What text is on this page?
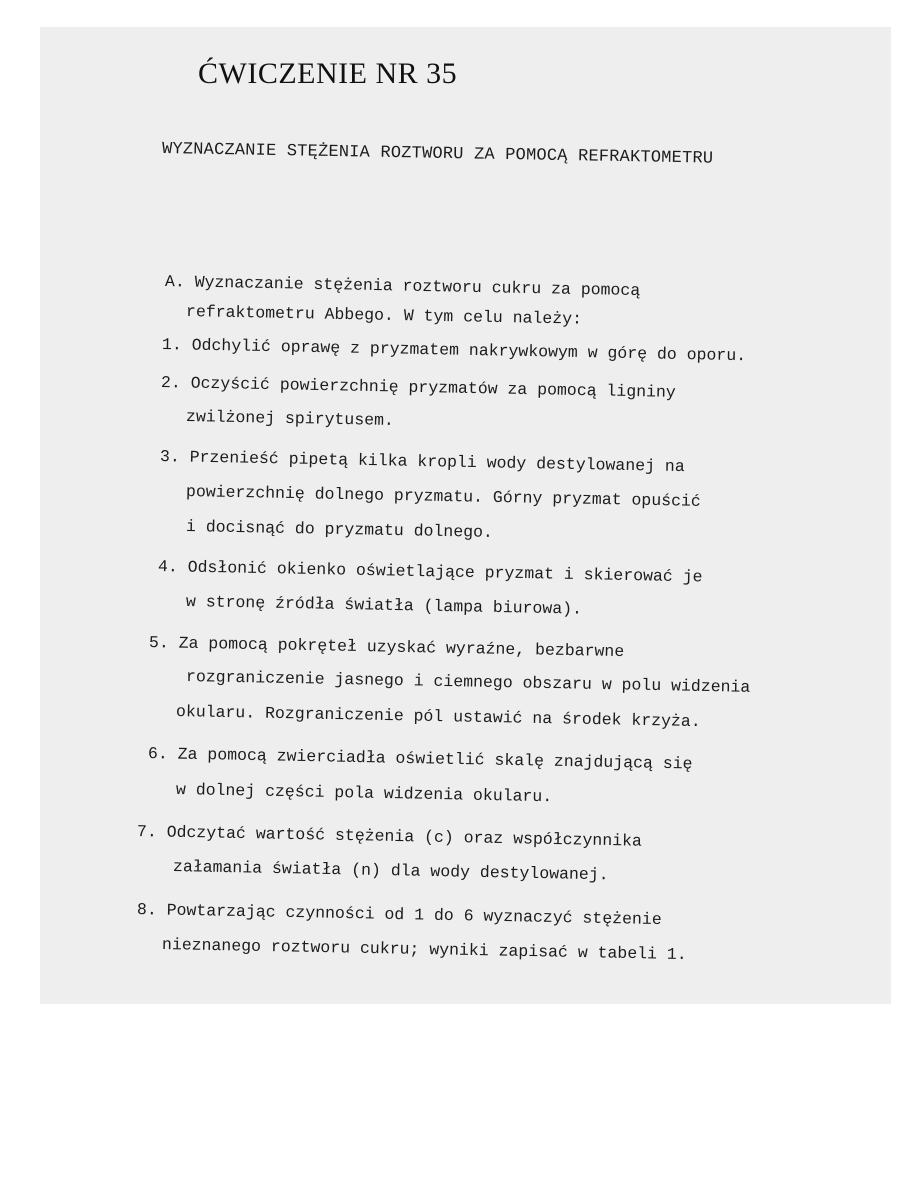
ĆWICZENIE NR 35
WYZNACZANIE STĘŻENIA ROZTWORU ZA POMOCĄ REFRAKTOMETRU
A. Wyznaczanie stężenia roztworu cukru za pomocą
refraktometru Abbego. W tym celu należy:
1. Odchylić oprawę z pryzmatem nakrywkowym w górę do oporu.
2. Oczyścić powierzchnię pryzmatów za pomocą ligniny
zwilżonej spirytusem.
3. Przenieść pipetą kilka kropli wody destylowanej na
powierzchnię dolnego pryzmatu. Górny pryzmat opuścić
i docisnąć do pryzmatu dolnego.
4. Odsłonić okienko oświetlające pryzmat i skierować je
w stronę źródła światła (lampa biurowa).
5. Za pomocą pokręteł uzyskać wyraźne, bezbarwne
rozgraniczenie jasnego i ciemnego obszaru w polu widzenia
okularu. Rozgraniczenie pól ustawić na środek krzyża.
6. Za pomocą zwierciadła oświetlić skalę znajdującą się
w dolnej części pola widzenia okularu.
7. Odczytać wartość stężenia (c) oraz współczynnika
załamania światła (n) dla wody destylowanej.
8. Powtarzając czynności od 1 do 6 wyznaczyć stężenie
nieznanego roztworu cukru; wyniki zapisać w tabeli 1.
